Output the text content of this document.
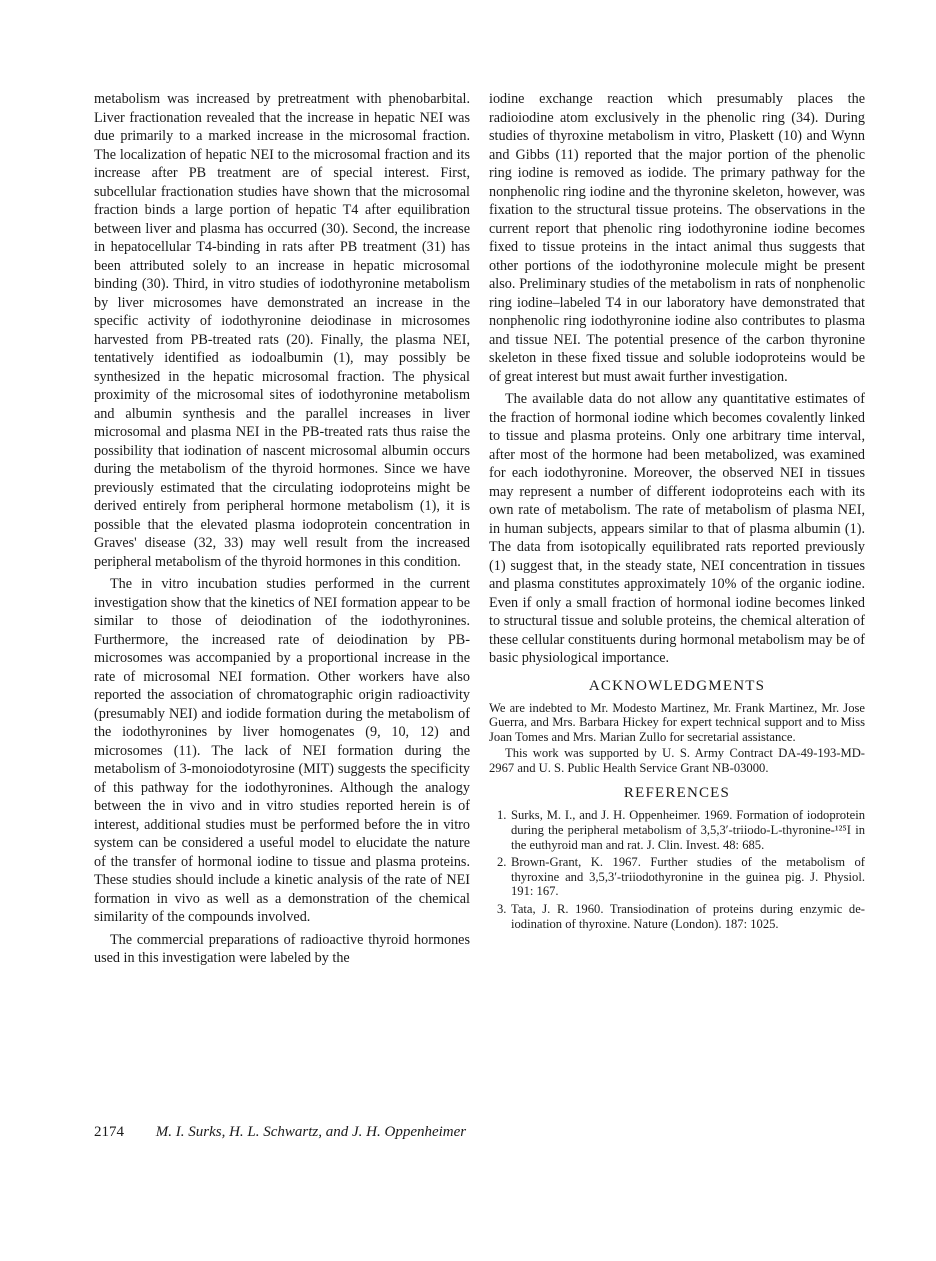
metabolism was increased by pretreatment with phenobarbital. Liver fractionation revealed that the increase in hepatic NEI was due primarily to a marked increase in the microsomal fraction. The localization of hepatic NEI to the microsomal fraction and its increase after PB treatment are of special interest. First, subcellular fractionation studies have shown that the microsomal fraction binds a large portion of hepatic T4 after equilibration between liver and plasma has occurred (30). Second, the increase in hepatocellular T4-binding in rats after PB treatment (31) has been attributed solely to an increase in hepatic microsomal binding (30). Third, in vitro studies of iodothyronine metabolism by liver microsomes have demonstrated an increase in the specific activity of iodothyronine deiodinase in microsomes harvested from PB-treated rats (20). Finally, the plasma NEI, tentatively identified as iodoalbumin (1), may possibly be synthesized in the hepatic microsomal fraction. The physical proximity of the microsomal sites of iodothyronine metabolism and albumin synthesis and the parallel increases in liver microsomal and plasma NEI in the PB-treated rats thus raise the possibility that iodination of nascent microsomal albumin occurs during the metabolism of the thyroid hormones. Since we have previously estimated that the circulating iodoproteins might be derived entirely from peripheral hormone metabolism (1), it is possible that the elevated plasma iodoprotein concentration in Graves' disease (32, 33) may well result from the increased peripheral metabolism of the thyroid hormones in this condition.

The in vitro incubation studies performed in the current investigation show that the kinetics of NEI formation appear to be similar to those of deiodination of the iodothyronines. Furthermore, the increased rate of deiodination by PB-microsomes was accompanied by a proportional increase in the rate of microsomal NEI formation. Other workers have also reported the association of chromatographic origin radioactivity (presumably NEI) and iodide formation during the metabolism of the iodothyronines by liver homogenates (9, 10, 12) and microsomes (11). The lack of NEI formation during the metabolism of 3-monoiodotyrosine (MIT) suggests the specificity of this pathway for the iodothyronines. Although the analogy between the in vivo and in vitro studies reported herein is of interest, additional studies must be performed before the in vitro system can be considered a useful model to elucidate the nature of the transfer of hormonal iodine to tissue and plasma proteins. These studies should include a kinetic analysis of the rate of NEI formation in vivo as well as a demonstration of the chemical similarity of the compounds involved.

The commercial preparations of radioactive thyroid hormones used in this investigation were labeled by the

iodine exchange reaction which presumably places the radioiodine atom exclusively in the phenolic ring (34). During studies of thyroxine metabolism in vitro, Plaskett (10) and Wynn and Gibbs (11) reported that the major portion of the phenolic ring iodine is removed as iodide. The primary pathway for the nonphenolic ring iodine and the thyronine skeleton, however, was fixation to the structural tissue proteins. The observations in the current report that phenolic ring iodothyronine iodine becomes fixed to tissue proteins in the intact animal thus suggests that other portions of the iodothyronine molecule might be present also. Preliminary studies of the metabolism in rats of nonphenolic ring iodine–labeled T4 in our laboratory have demonstrated that nonphenolic ring iodothyronine iodine also contributes to plasma and tissue NEI. The potential presence of the carbon thyronine skeleton in these fixed tissue and soluble iodoproteins would be of great interest but must await further investigation.

The available data do not allow any quantitative estimates of the fraction of hormonal iodine which becomes covalently linked to tissue and plasma proteins. Only one arbitrary time interval, after most of the hormone had been metabolized, was examined for each iodothyronine. Moreover, the observed NEI in tissues may represent a number of different iodoproteins each with its own rate of metabolism. The rate of metabolism of plasma NEI, in human subjects, appears similar to that of plasma albumin (1). The data from isotopically equilibrated rats reported previously (1) suggest that, in the steady state, NEI concentration in tissues and plasma constitutes approximately 10% of the organic iodine. Even if only a small fraction of hormonal iodine becomes linked to structural tissue and soluble proteins, the chemical alteration of these cellular constituents during hormonal metabolism may be of basic physiological importance.

ACKNOWLEDGMENTS

We are indebted to Mr. Modesto Martinez, Mr. Frank Martinez, Mr. Jose Guerra, and Mrs. Barbara Hickey for expert technical support and to Miss Joan Tomes and Mrs. Marian Zullo for secretarial assistance.

This work was supported by U. S. Army Contract DA-49-193-MD-2967 and U. S. Public Health Service Grant NB-03000.

REFERENCES
1. Surks, M. I., and J. H. Oppenheimer. 1969. Formation of iodoprotein during the peripheral metabolism of 3,5,3′-triiodo-L-thyronine-¹²⁵I in the euthyroid man and rat. J. Clin. Invest. 48: 685.
2. Brown-Grant, K. 1967. Further studies of the metabolism of thyroxine and 3,5,3′-triiodothyronine in the guinea pig. J. Physiol. 191: 167.
3. Tata, J. R. 1960. Transiodination of proteins during enzymic de-iodination of thyroxine. Nature (London). 187: 1025.
2174 M. I. Surks, H. L. Schwartz, and J. H. Oppenheimer
